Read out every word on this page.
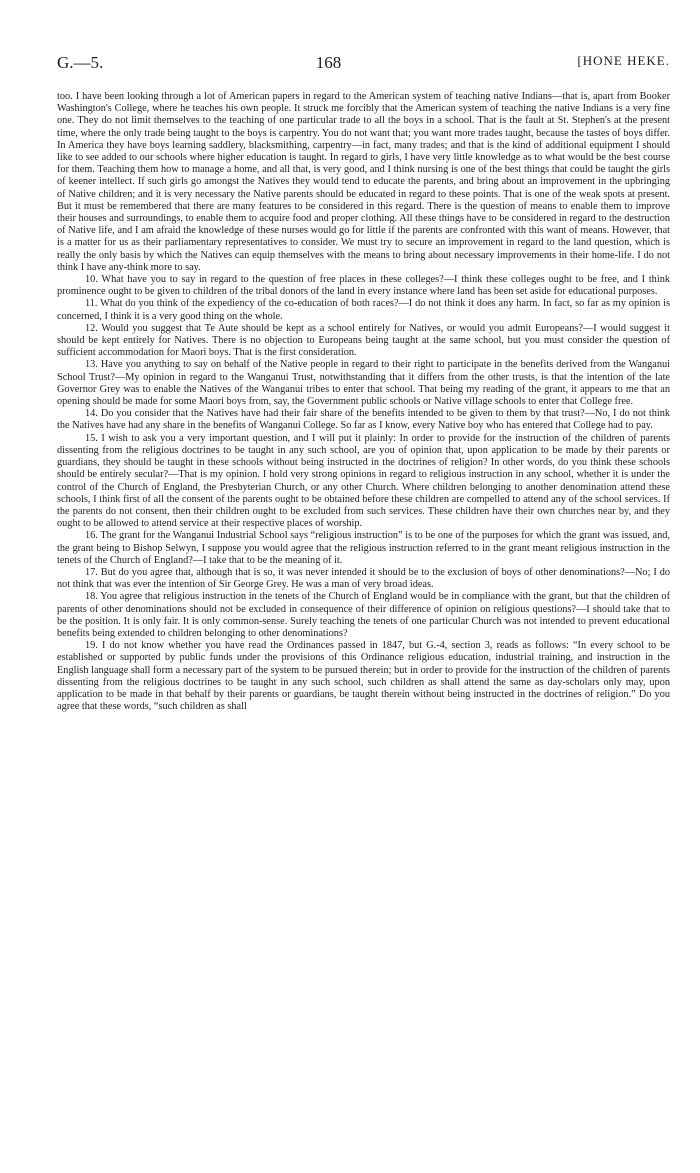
G.—5.	168	[HONE HEKE.

too. I have been looking through a lot of American papers in regard to the American system of teaching native Indians—that is, apart from Booker Washington's College, where he teaches his own people. It struck me forcibly that the American system of teaching the native Indians is a very fine one. They do not limit themselves to the teaching of one particular trade to all the boys in a school. That is the fault at St. Stephen's at the present time, where the only trade being taught to the boys is carpentry. You do not want that; you want more trades taught, because the tastes of boys differ. In America they have boys learning saddlery, blacksmithing, carpentry—in fact, many trades; and that is the kind of additional equipment I should like to see added to our schools where higher education is taught. In regard to girls, I have very little knowledge as to what would be the best course for them. Teaching them how to manage a home, and all that, is very good, and I think nursing is one of the best things that could be taught the girls of keener intellect. If such girls go amongst the Natives they would tend to educate the parents, and bring about an improvement in the upbringing of Native children; and it is very necessary the Native parents should be educated in regard to these points. That is one of the weak spots at present. But it must be remembered that there are many features to be considered in this regard. There is the question of means to enable them to improve their houses and surroundings, to enable them to acquire food and proper clothing. All these things have to be considered in regard to the destruction of Native life, and I am afraid the knowledge of these nurses would go for little if the parents are confronted with this want of means. However, that is a matter for us as their parliamentary representatives to consider. We must try to secure an improvement in regard to the land question, which is really the only basis by which the Natives can equip themselves with the means to bring about necessary improvements in their home-life. I do not think I have any-think more to say.

10. What have you to say in regard to the question of free places in these colleges?—I think these colleges ought to be free, and I think prominence ought to be given to children of the tribal donors of the land in every instance where land has been set aside for educational purposes.

11. What do you think of the expediency of the co-education of both races?—I do not think it does any harm. In fact, so far as my opinion is concerned, I think it is a very good thing on the whole.

12. Would you suggest that Te Aute should be kept as a school entirely for Natives, or would you admit Europeans?—I would suggest it should be kept entirely for Natives. There is no objection to Europeans being taught at the same school, but you must consider the question of sufficient accommodation for Maori boys. That is the first consideration.

13. Have you anything to say on behalf of the Native people in regard to their right to participate in the benefits derived from the Wanganui School Trust?—My opinion in regard to the Wanganui Trust, notwithstanding that it differs from the other trusts, is that the intention of the late Governor Grey was to enable the Natives of the Wanganui tribes to enter that school. That being my reading of the grant, it appears to me that an opening should be made for some Maori boys from, say, the Government public schools or Native village schools to enter that College free.

14. Do you consider that the Natives have had their fair share of the benefits intended to be given to them by that trust?—No, I do not think the Natives have had any share in the benefits of Wanganui College. So far as I know, every Native boy who has entered that College had to pay.

15. I wish to ask you a very important question, and I will put it plainly: In order to provide for the instruction of the children of parents dissenting from the religious doctrines to be taught in any such school, are you of opinion that, upon application to be made by their parents or guardians, they should be taught in these schools without being instructed in the doctrines of religion? In other words, do you think these schools should be entirely secular?—That is my opinion. I hold very strong opinions in regard to religious instruction in any school, whether it is under the control of the Church of England, the Presbyterian Church, or any other Church. Where children belonging to another denomination attend these schools, I think first of all the consent of the parents ought to be obtained before these children are compelled to attend any of the school services. If the parents do not consent, then their children ought to be excluded from such services. These children have their own churches near by, and they ought to be allowed to attend service at their respective places of worship.

16. The grant for the Wanganui Industrial School says “religious instruction” is to be one of the purposes for which the grant was issued, and, the grant being to Bishop Selwyn, I suppose you would agree that the religious instruction referred to in the grant meant religious instruction in the tenets of the Church of England?—I take that to be the meaning of it.

17. But do you agree that, although that is so, it was never intended it should be to the exclusion of boys of other denominations?—No; I do not think that was ever the intention of Sir George Grey. He was a man of very broad ideas.

18. You agree that religious instruction in the tenets of the Church of England would be in compliance with the grant, but that the children of parents of other denominations should not be excluded in consequence of their difference of opinion on religious questions?—I should take that to be the position. It is only fair. It is only common-sense. Surely teaching the tenets of one particular Church was not intended to prevent educational benefits being extended to children belonging to other denominations?

19. I do not know whether you have read the Ordinances passed in 1847, but G.-4, section 3, reads as follows: “In every school to be established or supported by public funds under the provisions of this Ordinance religious education, industrial training, and instruction in the English language shall form a necessary part of the system to be pursued therein; but in order to provide for the instruction of the children of parents dissenting from the religious doctrines to be taught in any such school, such children as shall attend the same as day-scholars only may, upon application to be made in that behalf by their parents or guardians, be taught therein without being instructed in the doctrines of religion.” Do you agree that these words, “such children as shall
